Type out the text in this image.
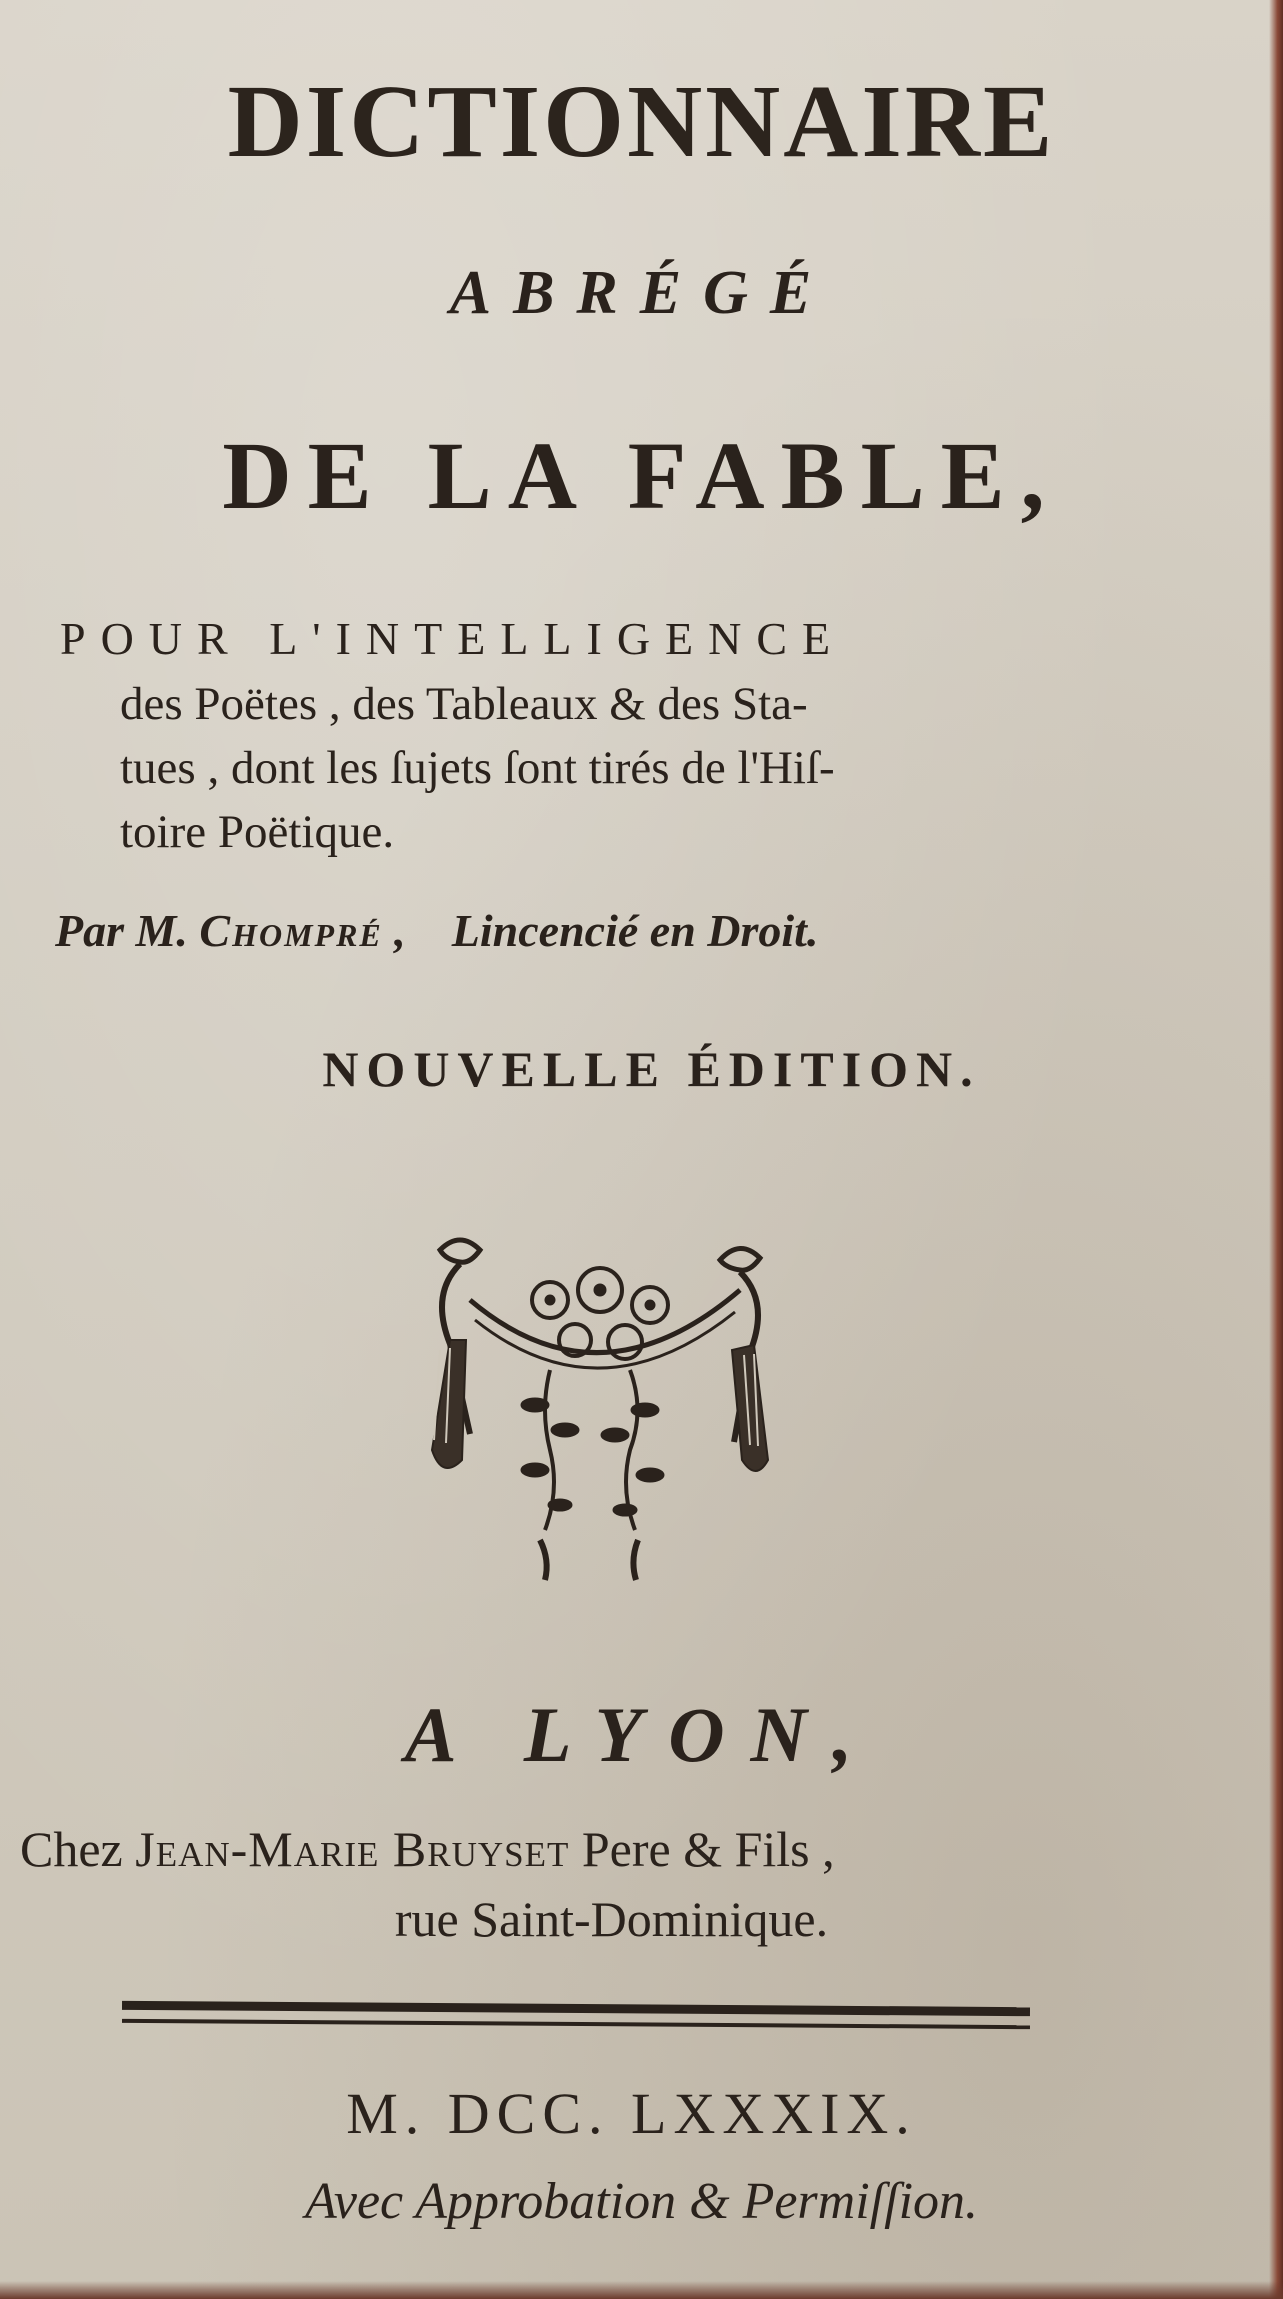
DICTIONNAIRE
ABRÉGÉ
DE LA FABLE,
POUR L'INTELLIGENCE
des Poëtes , des Tableaux & des Sta-
tues , dont les ſujets ſont tirés de l'Hiſ-
toire Poëtique.
Par M. Chompré , Lincencié en Droit.
NOUVELLE ÉDITION.
A LYON,
Chez Jean-Marie Bruyset Pere & Fils ,
rue Saint-Dominique.
M. DCC. LXXXIX.
Avec Approbation & Permiſſion.
